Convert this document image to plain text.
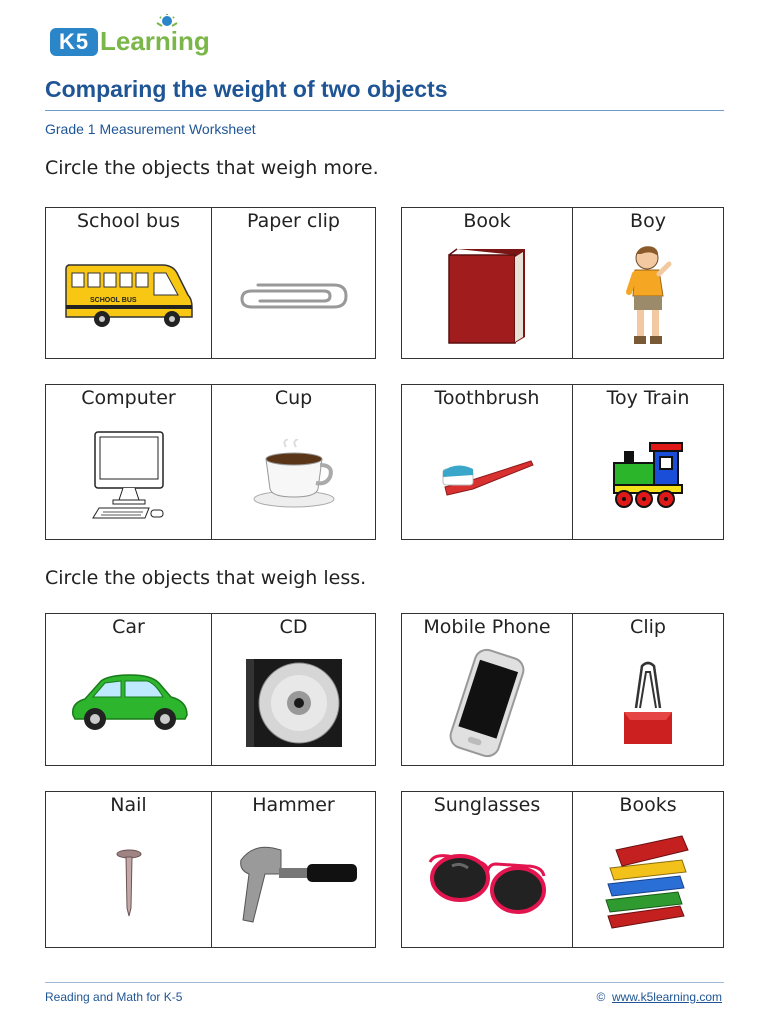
K5 Learning
Comparing the weight of two objects
Grade 1 Measurement Worksheet
Circle the objects that weigh more.
School bus
SCHOOL BUS
Paper clip	Book	Boy
Computer	Cup	Toothbrush	Toy Train
Circle the objects that weigh less.
Car	CD	Mobile Phone	Clip
Nail	Hammer	Sunglasses	Books
Reading and Math for K-5	© www.k5learning.com
